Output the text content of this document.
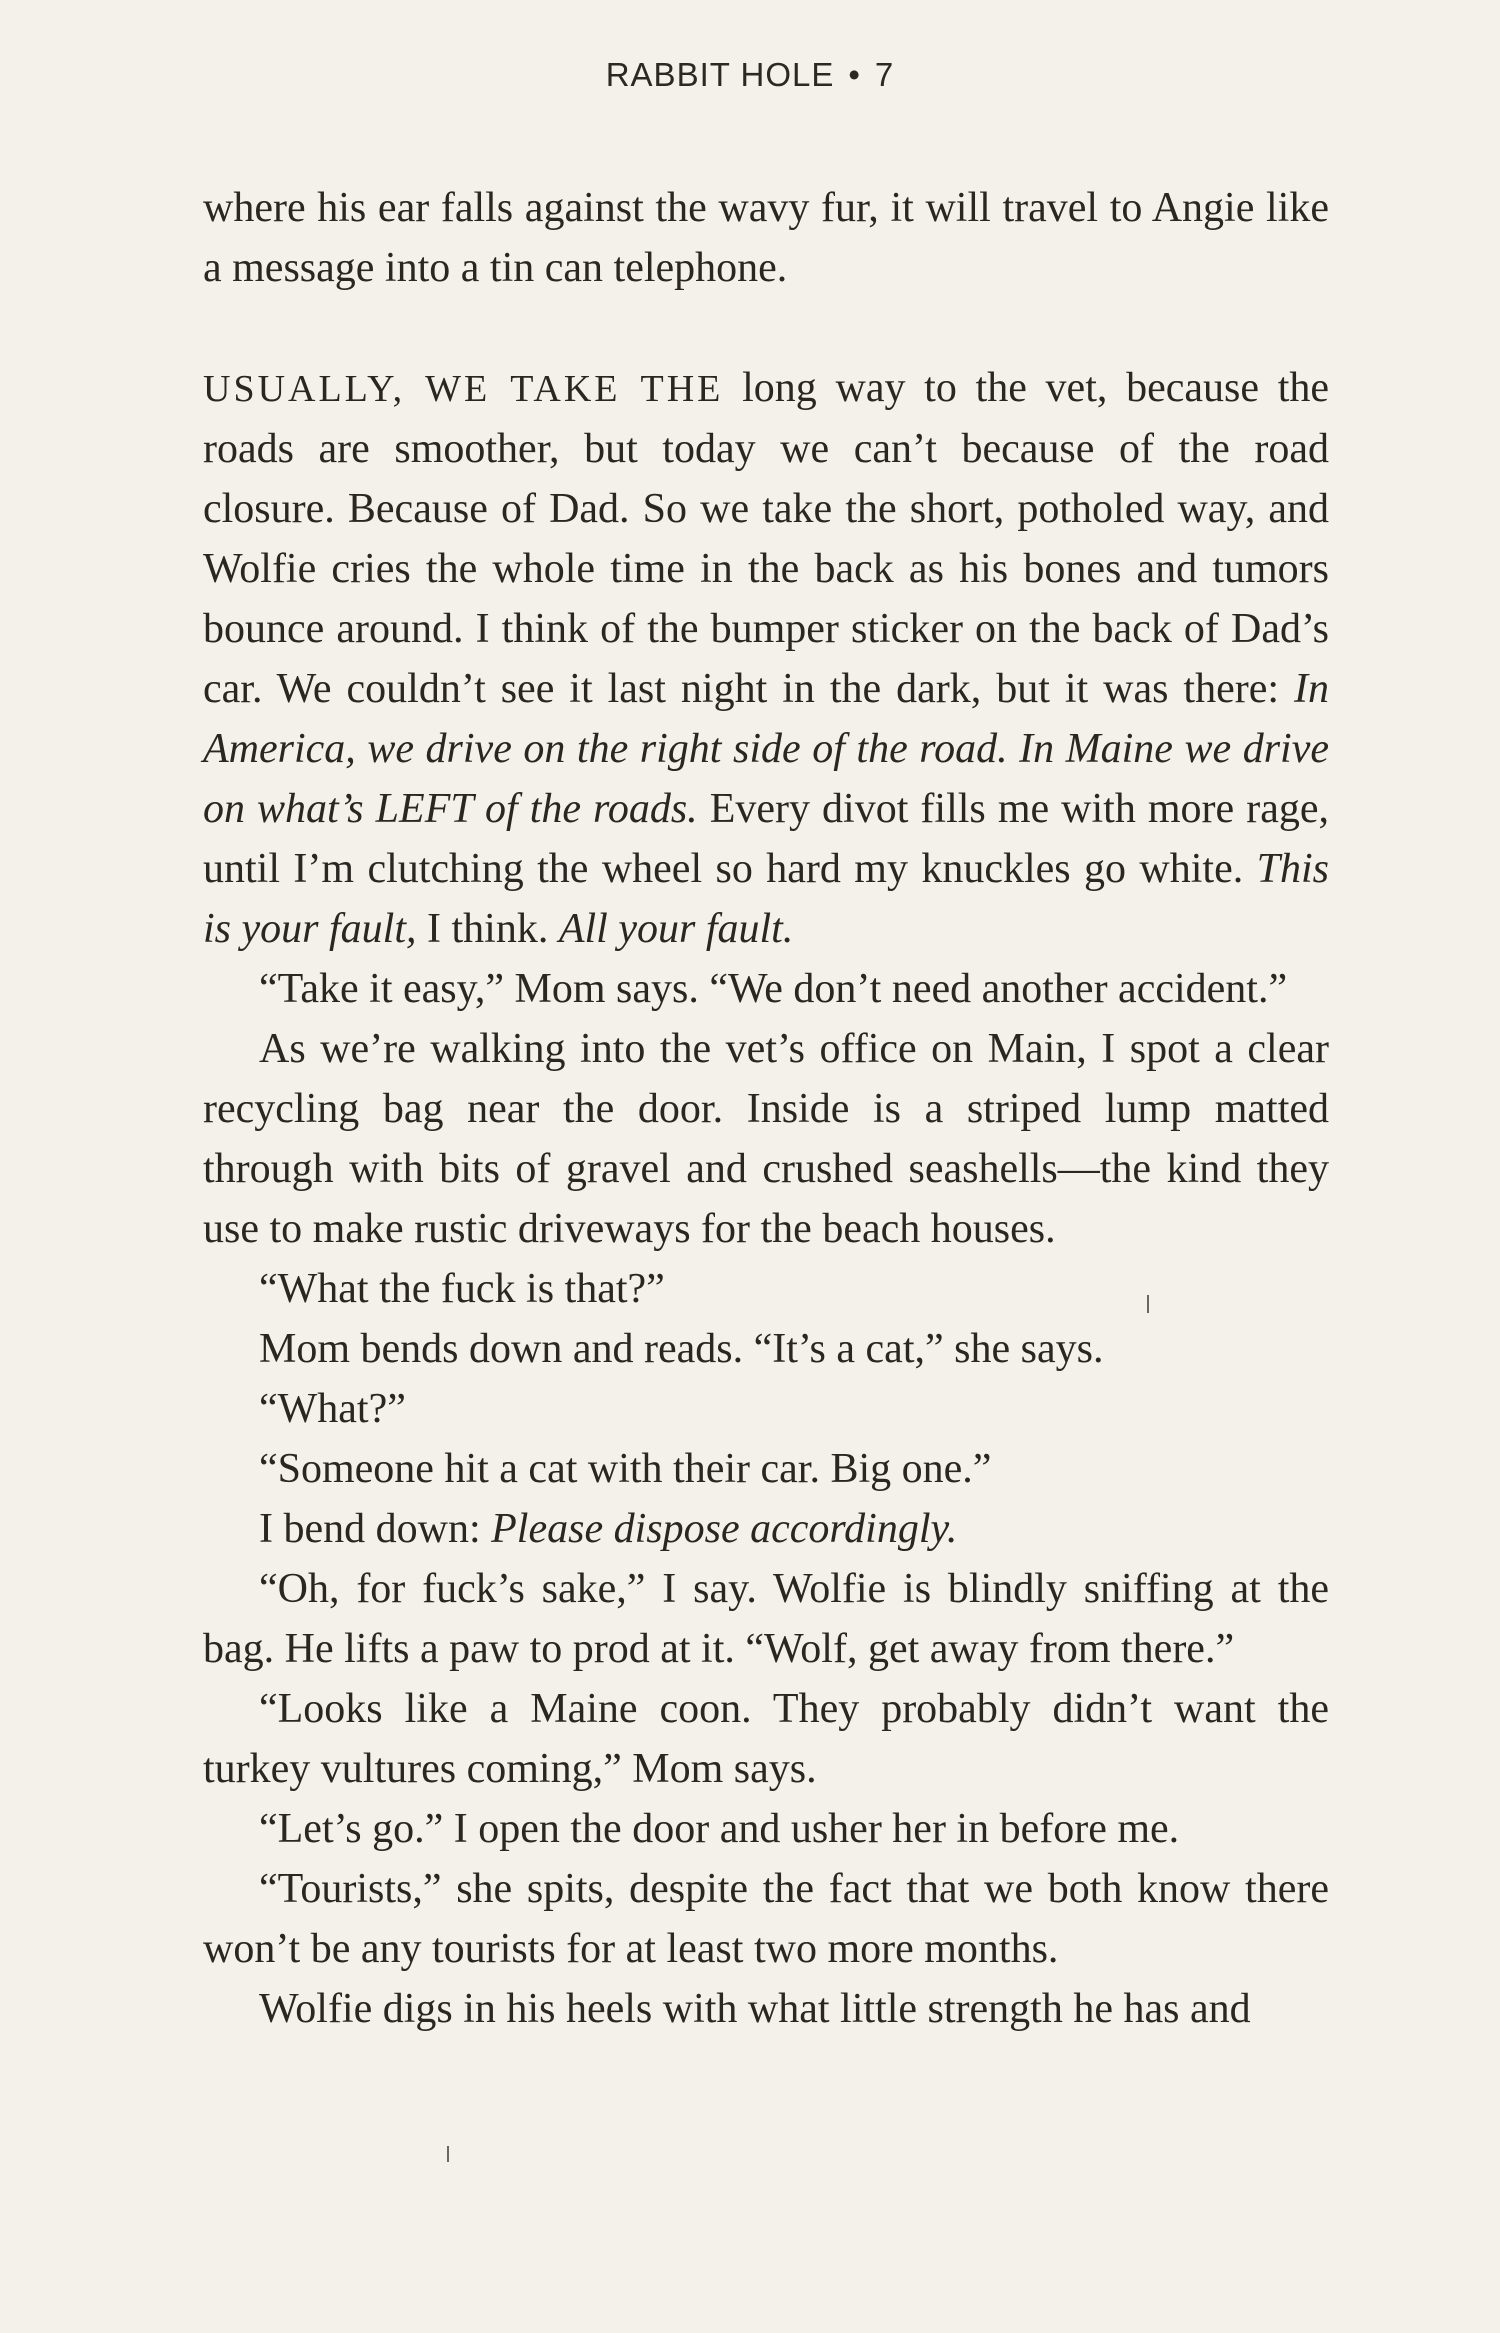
RABBIT HOLE • 7

where his ear falls against the wavy fur, it will travel to Angie like a message into a tin can telephone.

USUALLY, WE TAKE THE long way to the vet, because the roads are smoother, but today we can’t because of the road closure. Because of Dad. So we take the short, potholed way, and Wolfie cries the whole time in the back as his bones and tumors bounce around. I think of the bumper sticker on the back of Dad’s car. We couldn’t see it last night in the dark, but it was there: In America, we drive on the right side of the road. In Maine we drive on what’s LEFT of the roads. Every divot fills me with more rage, until I’m clutching the wheel so hard my knuckles go white. This is your fault, I think. All your fault.

“Take it easy,” Mom says. “We don’t need another accident.”

As we’re walking into the vet’s office on Main, I spot a clear recycling bag near the door. Inside is a striped lump matted through with bits of gravel and crushed seashells—the kind they use to make rustic driveways for the beach houses.

“What the fuck is that?”

Mom bends down and reads. “It’s a cat,” she says.

“What?”

“Someone hit a cat with their car. Big one.”

I bend down: Please dispose accordingly.

“Oh, for fuck’s sake,” I say. Wolfie is blindly sniffing at the bag. He lifts a paw to prod at it. “Wolf, get away from there.”

“Looks like a Maine coon. They probably didn’t want the turkey vultures coming,” Mom says.

“Let’s go.” I open the door and usher her in before me.

“Tourists,” she spits, despite the fact that we both know there won’t be any tourists for at least two more months.

Wolfie digs in his heels with what little strength he has and
